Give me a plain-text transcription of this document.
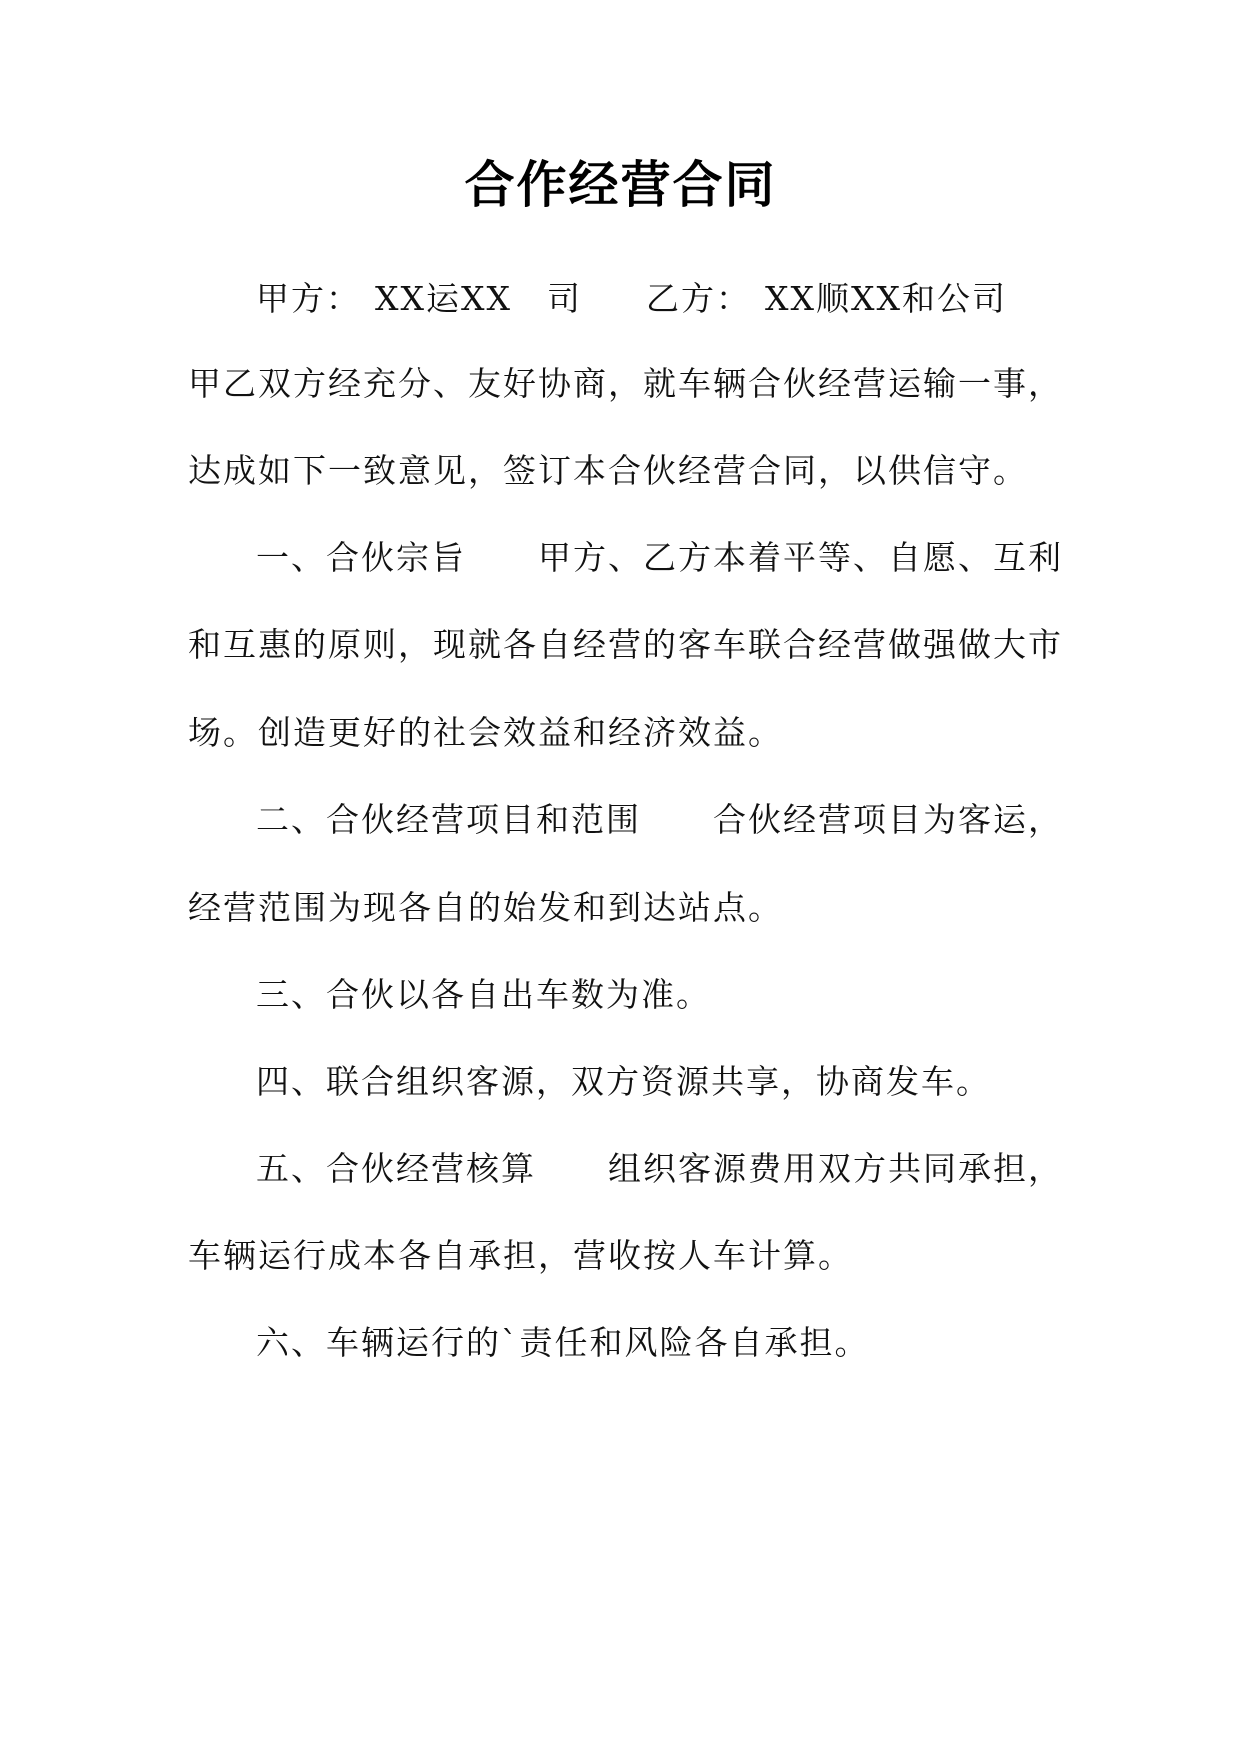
合作经营合同
甲方： XX运XX　司 乙方： XX顺XX和公司
甲乙双方经充分、友好协商，就车辆合伙经营运输一事，
达成如下一致意见，签订本合伙经营合同，以供信守。
一、合伙宗旨 甲方、乙方本着平等、自愿、互利
和互惠的原则，现就各自经营的客车联合经营做强做大市
场。创造更好的社会效益和经济效益。
二、合伙经营项目和范围 合伙经营项目为客运，
经营范围为现各自的始发和到达站点。
三、合伙以各自出车数为准。
四、联合组织客源，双方资源共享，协商发车。
五、合伙经营核算 组织客源费用双方共同承担，
车辆运行成本各自承担，营收按人车计算。
六、车辆运行的`责任和风险各自承担。
